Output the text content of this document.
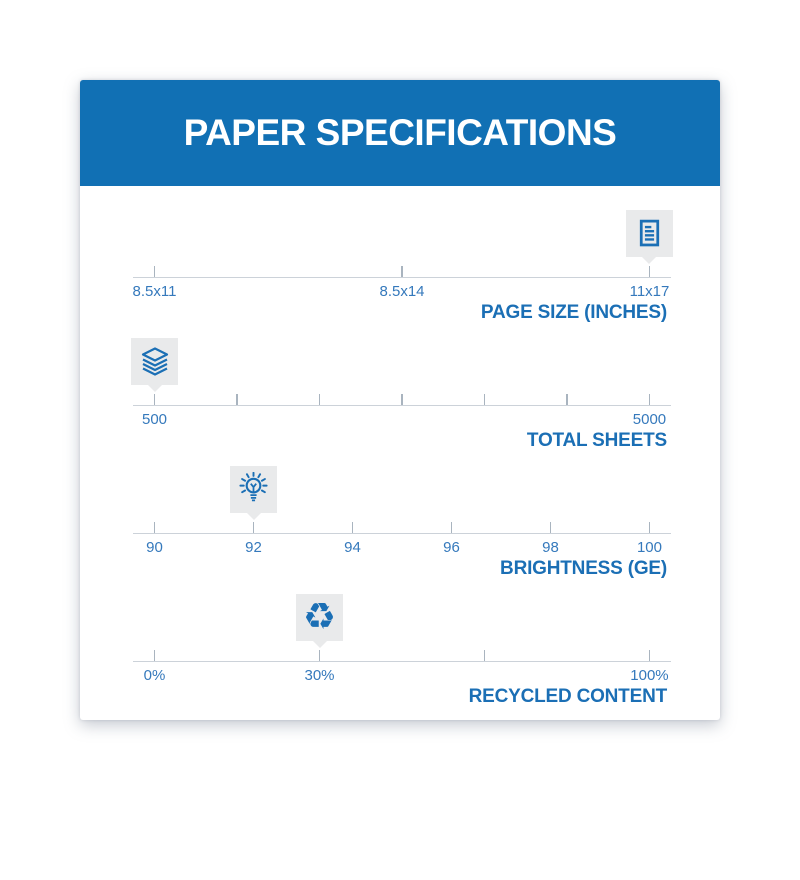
PAPER SPECIFICATIONS
8.5x11	8.5x14	11x17
PAGE SIZE (INCHES)
500	5000
TOTAL SHEETS
90	92	94	96	98	100
BRIGHTNESS (GE)
0%	30%	100%
♻
RECYCLED CONTENT
